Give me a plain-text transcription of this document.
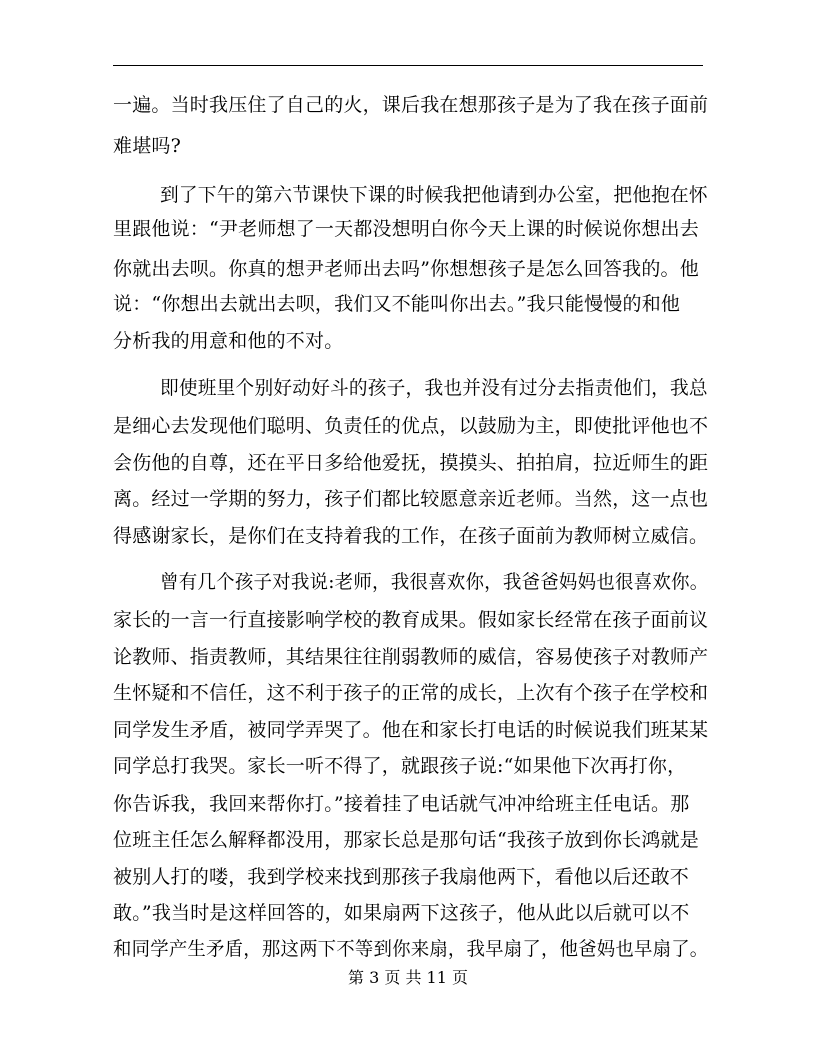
一遍。当时我压住了自己的火，课后我在想那孩子是为了我在孩子面前
难堪吗?
到了下午的第六节课快下课的时候我把他请到办公室，把他抱在怀
里跟他说：“尹老师想了一天都没想明白你今天上课的时候说你想出去
你就出去呗。你真的想尹老师出去吗”你想想孩子是怎么回答我的。他
说：“你想出去就出去呗，我们又不能叫你出去。”我只能慢慢的和他
分析我的用意和他的不对。
即使班里个别好动好斗的孩子，我也并没有过分去指责他们，我总
是细心去发现他们聪明、负责任的优点，以鼓励为主，即使批评他也不
会伤他的自尊，还在平日多给他爱抚，摸摸头、拍拍肩，拉近师生的距
离。经过一学期的努力，孩子们都比较愿意亲近老师。当然，这一点也
得感谢家长，是你们在支持着我的工作，在孩子面前为教师树立威信。
曾有几个孩子对我说:老师，我很喜欢你，我爸爸妈妈也很喜欢你。
家长的一言一行直接影响学校的教育成果。假如家长经常在孩子面前议
论教师、指责教师，其结果往往削弱教师的威信，容易使孩子对教师产
生怀疑和不信任，这不利于孩子的正常的成长，上次有个孩子在学校和
同学发生矛盾，被同学弄哭了。他在和家长打电话的时候说我们班某某
同学总打我哭。家长一听不得了，就跟孩子说:“如果他下次再打你，
你告诉我，我回来帮你打。”接着挂了电话就气冲冲给班主任电话。那
位班主任怎么解释都没用，那家长总是那句话“我孩子放到你长鸿就是
被别人打的喽，我到学校来找到那孩子我扇他两下，看他以后还敢不
敢。”我当时是这样回答的，如果扇两下这孩子，他从此以后就可以不
和同学产生矛盾，那这两下不等到你来扇，我早扇了，他爸妈也早扇了。
第 3 页 共 11 页
